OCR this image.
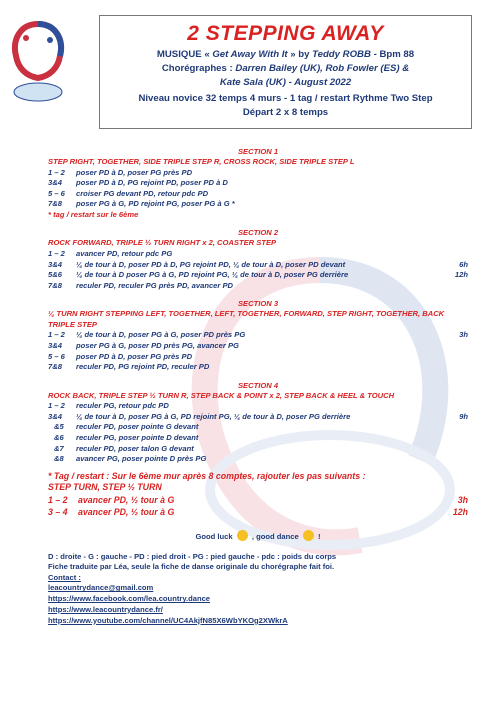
2 STEPPING AWAY

MUSIQUE « Get Away With It » by Teddy ROBB - Bpm 88

Chorégraphes : Darren Bailey (UK), Rob Fowler (ES) &

Kate Sala (UK) - August 2022

Niveau novice 32 temps 4 murs - 1 tag / restart Rythme Two Step

Départ 2 x 8 temps

SECTION 1
STEP RIGHT, TOGETHER, SIDE TRIPLE STEP R, CROSS ROCK, SIDE TRIPLE STEP L
1 – 2	poser PD à D, poser PG près PD
3&4	poser PD à D, PG rejoint PD, poser PD à D
5 – 6	croiser PG devant PD, retour pdc PD
7&8	poser PG à G, PD rejoint PG, poser PG à G *
* tag / restart sur le 6ème
SECTION 2
ROCK FORWARD, TRIPLE ½ TURN RIGHT x 2, COASTER STEP
1 – 2	avancer PD, retour pdc PG
3&4	¼ de tour à D, poser PD à D, PG rejoint PD, ¼ de tour à D, poser PD devant	6h
5&6	¼ de tour à D poser PG à G, PD rejoint PG, ¼ de tour à D, poser PG derrière	12h
7&8	reculer PD, reculer PG près PD, avancer PD
SECTION 3
¼ TURN RIGHT STEPPING LEFT, TOGETHER, LEFT, TOGETHER, FORWARD, STEP RIGHT, TOGETHER, BACK TRIPLE STEP
1 – 2	¼ de tour à D, poser PG à G, poser PD près PG	3h
3&4	poser PG à G, poser PD près PG, avancer PG
5 – 6	poser PD à D, poser PG près PD
7&8	reculer PD, PG rejoint PD, reculer PD
SECTION 4
ROCK BACK, TRIPLE STEP ½ TURN R, STEP BACK & POINT x 2, STEP BACK & HEEL & TOUCH
1 – 2	reculer PG, retour pdc PD
3&4	¼ de tour à D, poser PG à G, PD rejoint PG, ¼ de tour à D, poser PG derrière	9h
&5	reculer PD, poser pointe G devant
&6	reculer PG, poser pointe D devant
&7	reculer PD, poser talon G devant
&8	avancer PG, poser pointe D près PG
* Tag / restart : Sur le 6ème mur après 8 comptes, rajouter les pas suivants :
STEP TURN, STEP ½ TURN
1 – 2	avancer PD, ½ tour à G	3h
3 – 4	avancer PD, ½ tour à G	12h
Good luck	, good dance	!
D : droite - G : gauche - PD : pied droit - PG : pied gauche - pdc : poids du corps
Fiche traduite par Léa, seule la fiche de danse originale du chorégraphe fait foi.
Contact :
leacountrydance@gmail.com
https://www.facebook.com/lea.country.dance
https://www.leacountrydance.fr/
https://www.youtube.com/channel/UC4AkjfN85X6WbYKOg2XWkrA
